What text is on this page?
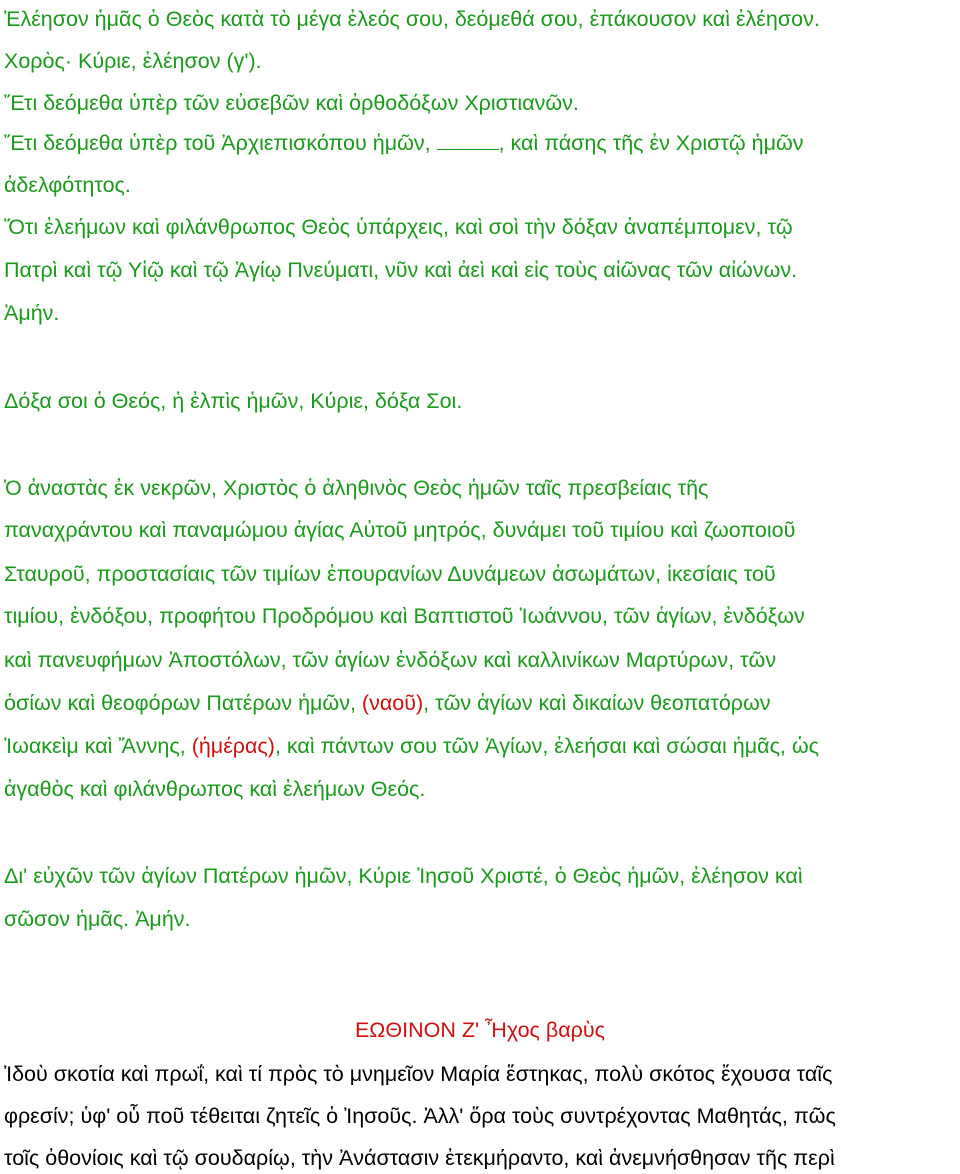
Ἐλέησον ἡμᾶς ὁ Θεὸς κατὰ τὸ μέγα ἐλεός σου, δεόμεθά σου, ἐπάκουσον καὶ ἐλέησον.
Χορὸς· Κύριε, ἐλέησον (γ').
Ἔτι δεόμεθα ὑπὲρ τῶν εὐσεβῶν καὶ ὀρθοδόξων Χριστιανῶν.
Ἔτι δεόμεθα ὑπὲρ τοῦ Ἀρχιεπισκόπου ἡμῶν,	, καὶ πάσης τῆς ἐν Χριστῷ ἡμῶν
ἀδελφότητος.
Ὅτι ἐλεήμων καὶ φιλάνθρωπος Θεὸς ὑπάρχεις, καὶ σοὶ τὴν δόξαν ἀναπέμπομεν, τῷ
Πατρὶ καὶ τῷ Υἱῷ καὶ τῷ Ἁγίῳ Πνεύματι, νῦν καὶ ἀεὶ καὶ εἰς τοὺς αἰῶνας τῶν αἰώνων.
Ἀμήν.
Δόξα σοι ὁ Θεός, ἡ ἐλπὶς ἡμῶν, Κύριε, δόξα Σοι.
Ὁ ἀναστὰς ἐκ νεκρῶν, Χριστὸς ὁ ἀληθινὸς Θεὸς ἡμῶν ταῖς πρεσβείαις τῆς
παναχράντου καὶ παναμώμου ἁγίας Αὐτοῦ μητρός, δυνάμει τοῦ τιμίου καὶ ζωοποιοῦ
Σταυροῦ, προστασίαις τῶν τιμίων ἐπουρανίων Δυνάμεων ἀσωμάτων, ἱκεσίαις τοῦ
τιμίου, ἐνδόξου, προφήτου Προδρόμου καὶ Βαπτιστοῦ Ἰωάννου, τῶν ἁγίων, ἐνδόξων
καὶ πανευφήμων Ἀποστόλων, τῶν ἁγίων ἐνδόξων καὶ καλλινίκων Μαρτύρων, τῶν
ὁσίων καὶ θεοφόρων Πατέρων ἡμῶν, (ναοῦ), τῶν ἁγίων καὶ δικαίων θεοπατόρων
Ἰωακεὶμ καὶ Ἄννης, (ἡμέρας), καὶ πάντων σου τῶν Ἁγίων, ἐλεήσαι καὶ σώσαι ἡμᾶς, ὡς
ἀγαθὸς καὶ φιλάνθρωπος καὶ ἐλεήμων Θεός.
Δι' εὐχῶν τῶν ἁγίων Πατέρων ἡμῶν, Κύριε Ἰησοῦ Χριστέ, ὁ Θεὸς ἡμῶν, ἐλέησον καὶ
σῶσον ἡμᾶς. Ἀμήν.
ΕΩΘΙΝΟΝ Ζ' Ἦχος βαρὺς
Ἰδοὺ σκοτία καὶ πρωΐ, καὶ τί πρὸς τὸ μνημεῖον Μαρία ἕστηκας, πολὺ σκότος ἔχουσα ταῖς
φρεσίν; ὑφ' οὗ ποῦ τέθειται ζητεῖς ὁ Ἰησοῦς. Ἀλλ' ὅρα τοὺς συντρέχοντας Μαθητάς, πῶς
τοῖς ὀθονίοις καὶ τῷ σουδαρίῳ, τὴν Ἀνάστασιν ἐτεκμήραντο, καὶ ἀνεμνήσθησαν τῆς περὶ
